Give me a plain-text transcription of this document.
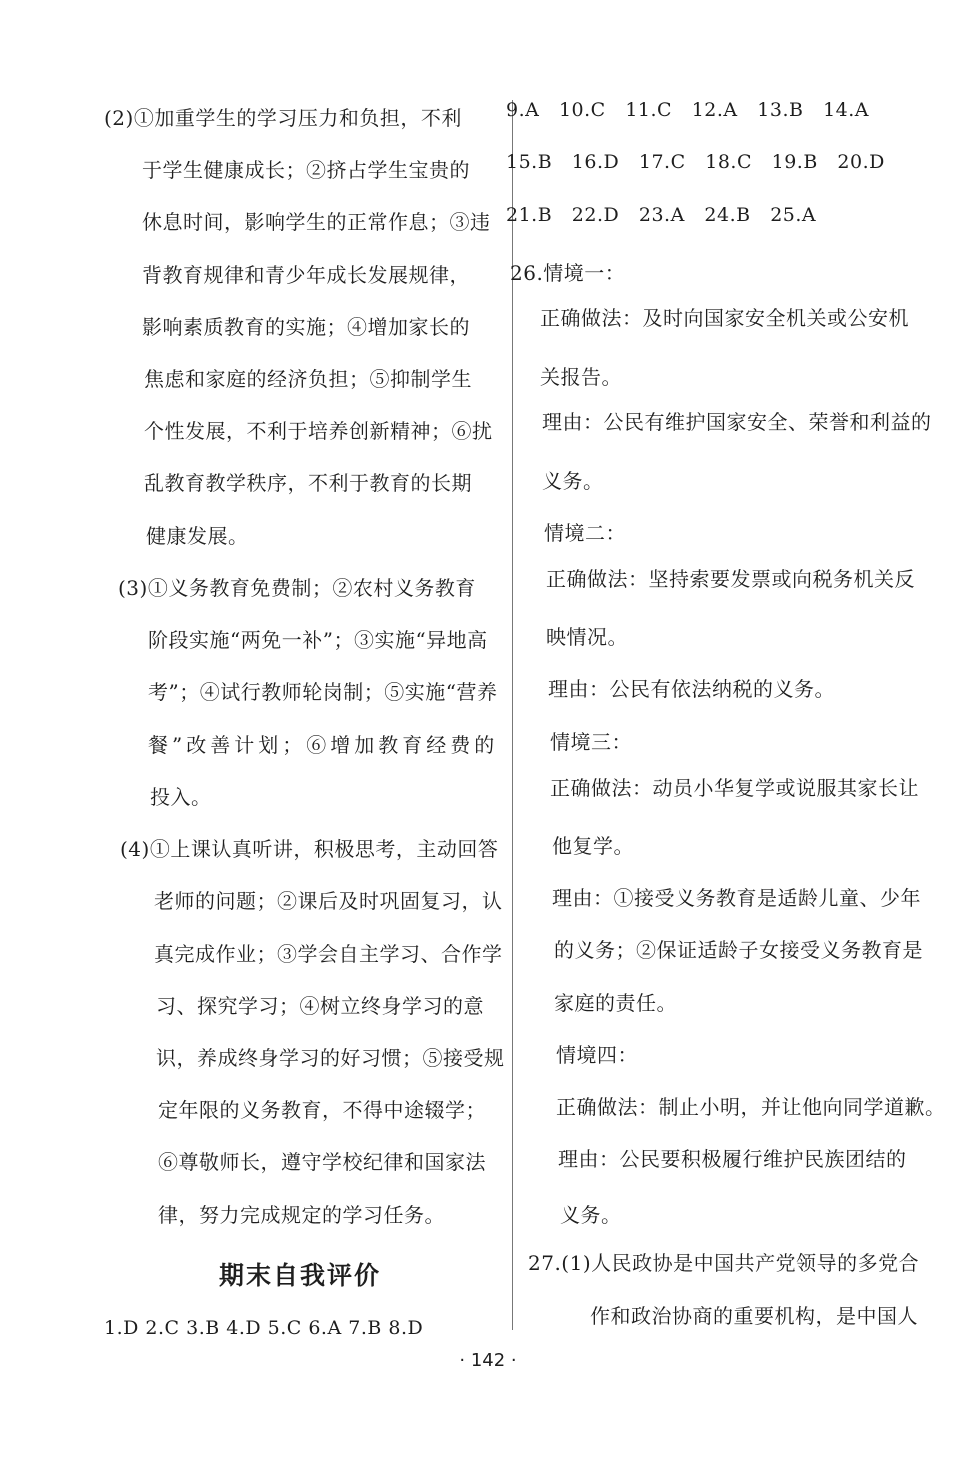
(2)①加重学生的学习压力和负担，不利
于学生健康成长；②挤占学生宝贵的
休息时间，影响学生的正常作息；③违
背教育规律和青少年成长发展规律，
影响素质教育的实施；④增加家长的
焦虑和家庭的经济负担；⑤抑制学生
个性发展，不利于培养创新精神；⑥扰
乱教育教学秩序，不利于教育的长期
健康发展。
(3)①义务教育免费制；②农村义务教育
阶段实施“两免一补”；③实施“异地高
考”；④试行教师轮岗制；⑤实施“营养
餐”改善计划；⑥增加教育经费的
投入。
(4)①上课认真听讲，积极思考，主动回答
老师的问题；②课后及时巩固复习，认
真完成作业；③学会自主学习、合作学
习、探究学习；④树立终身学习的意
识，养成终身学习的好习惯；⑤接受规
定年限的义务教育，不得中途辍学；
⑥尊敬师长，遵守学校纪律和国家法
律，努力完成规定的学习任务。
期末自我评价
1.D 2.C 3.B 4.D 5.C 6.A 7.B 8.D
9.A   10.C   11.C   12.A   13.B   14.A
15.B   16.D   17.C   18.C   19.B   20.D
21.B   22.D   23.A   24.B   25.A
26.情境一：
正确做法：及时向国家安全机关或公安机
关报告。
理由：公民有维护国家安全、荣誉和利益的
义务。
情境二：
正确做法：坚持索要发票或向税务机关反
映情况。
理由：公民有依法纳税的义务。
情境三：
正确做法：动员小华复学或说服其家长让
他复学。
理由：①接受义务教育是适龄儿童、少年
的义务；②保证适龄子女接受义务教育是
家庭的责任。
情境四：
正确做法：制止小明，并让他向同学道歉。
理由：公民要积极履行维护民族团结的
义务。
27.(1)人民政协是中国共产党领导的多党合
作和政治协商的重要机构，是中国人
· 142 ·
